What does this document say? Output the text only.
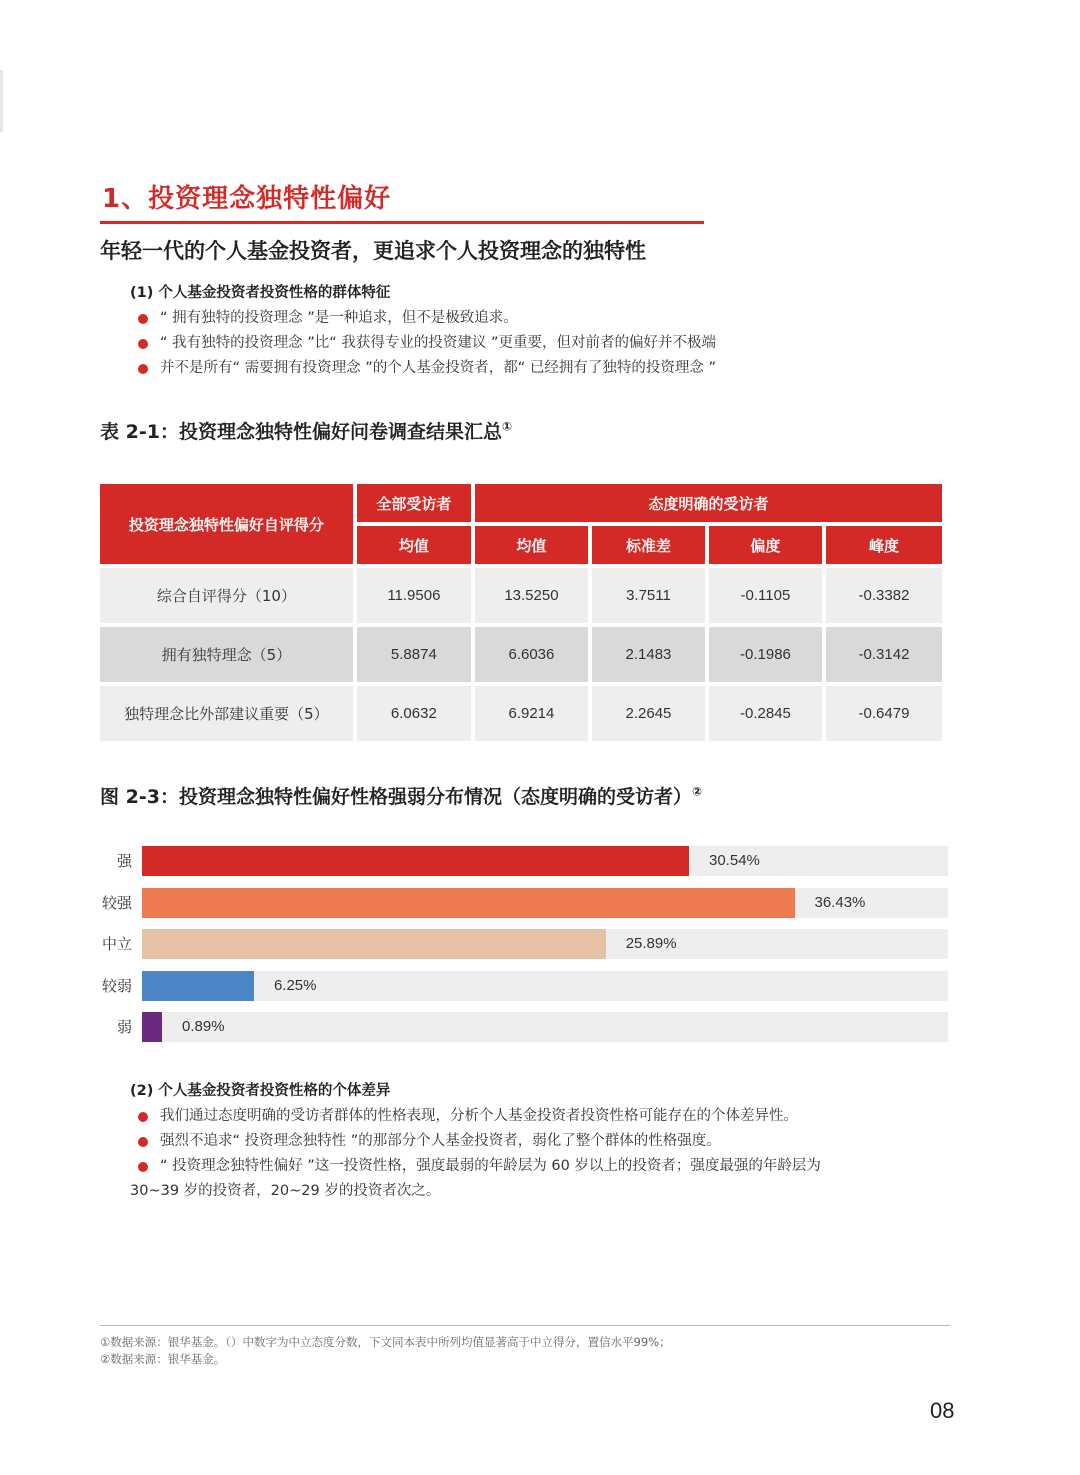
1、投资理念独特性偏好
年轻一代的个人基金投资者，更追求个人投资理念的独特性
(1) 个人基金投资者投资性格的群体特征
“ 拥有独特的投资理念 ”是一种追求，但不是极致追求。
“ 我有独特的投资理念 ”比“ 我获得专业的投资建议 ”更重要，但对前者的偏好并不极端
并不是所有“ 需要拥有投资理念 ”的个人基金投资者，都“ 已经拥有了独特的投资理念 ”
表 2-1：投资理念独特性偏好问卷调查结果汇总①
投资理念独特性偏好自评得分	全部受访者	态度明确的受访者			
	均值	均值	标准差	偏度	峰度
综合自评得分（10）	11.9506	13.5250	3.7511	-0.1105	-0.3382
拥有独特理念（5）	5.8874	6.6036	2.1483	-0.1986	-0.3142
独特理念比外部建议重要（5）	6.0632	6.9214	2.2645	-0.2845	-0.6479
图 2-3：投资理念独特性偏好性格强弱分布情况（态度明确的受访者）②
强	30.54%
较强	36.43%
中立	25.89%
较弱	6.25%
弱	0.89%
(2) 个人基金投资者投资性格的个体差异
我们通过态度明确的受访者群体的性格表现，分析个人基金投资者投资性格可能存在的个体差异性。
强烈不追求“ 投资理念独特性 ”的那部分个人基金投资者，弱化了整个群体的性格强度。
“ 投资理念独特性偏好 ”这一投资性格，强度最弱的年龄层为 60 岁以上的投资者；强度最强的年龄层为
30~39 岁的投资者，20~29 岁的投资者次之。
①数据来源：银华基金。（）中数字为中立态度分数，下文同本表中所列均值显著高于中立得分，置信水平99%；
②数据来源：银华基金。
08
